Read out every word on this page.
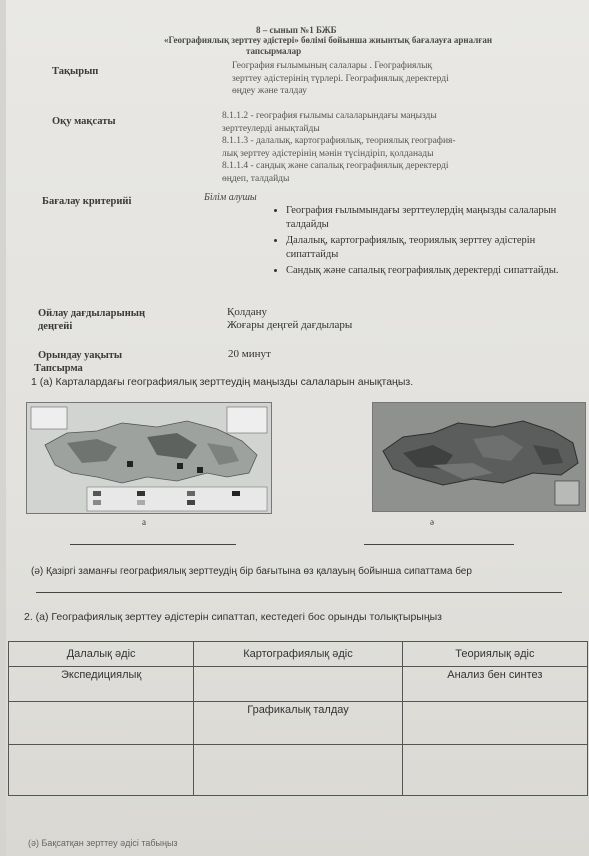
8 – сынып №1 БЖБ
«Географиялық зерттеу әдістері» бөлімі бойынша жиынтық бағалауға арналған
тапсырмалар
Тақырып	География ғылымының салалары . Географиялық
зерттеу әдістерінің түрлері. Географиялық деректерді
өңдеу және талдау
Оқу мақсаты	8.1.1.2 - география ғылымы салаларындағы маңызды
зерттеулерді анықтайды
8.1.1.3 - далалық, картографиялық, теориялық география-
лық зерттеу әдістерінің мәнін түсіндіріп, қолданады
8.1.1.4 - сандық және сапалық географиялық деректерді
өңдеп, талдайды
Бағалау критерийі	Білім алушы
• География ғылымындағы зерттеулердің маңызды салаларын талдайды
• Далалық, картографиялық, теориялық зерттеу әдістерін сипаттайды
• Сандық және сапалық географиялық деректерді сипаттайды.
Ойлау дағдыларының
деңгейі
Қолдану
Жоғары деңгей дағдылары
Орындау уақыты	20 минут
Тапсырма
1 (а) Карталардағы географиялық зерттеудің маңызды салаларын анықтаңыз.
а	ә
(ә) Қазіргі заманғы географиялық зерттеудің бір бағытына өз қалауың бойынша сипаттама бер
2. (а) Географиялық зерттеу әдістерін сипаттап, кестедегі бос орынды толықтырыңыз
Далалық әдіс	Картографиялық әдіс	Теориялық әдіс
Экспедициялық		Анализ бен синтез
	Графикалық талдау	

(ә) Бақсатқан зерттеу әдісі табыңыз
